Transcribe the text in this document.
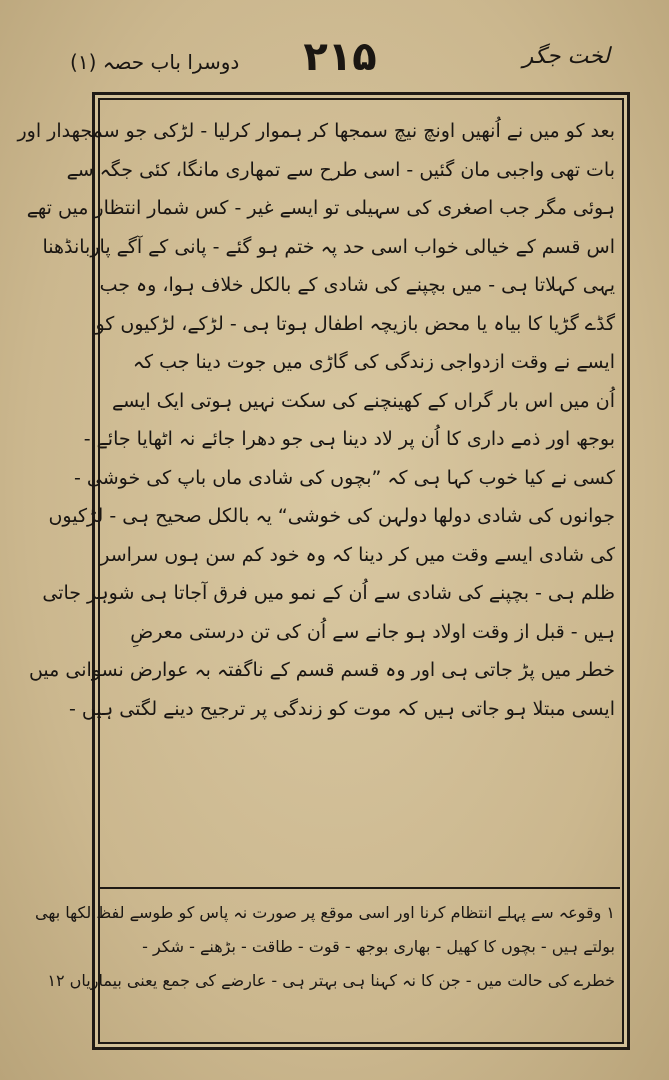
لخت جگر
۲۱۵
دوسرا باب حصہ (۱)
بعد کو میں نے اُنھیں اونچ نیچ سمجھا کر ہموار کرلیا - لڑکی جو سمجھدار اور
بات تھی واجبی مان گئیں - اسی طرح سے تمھاری مانگا، کئی جگہ سے
ہوئی مگر جب اصغری کی سہیلی تو ایسے غیر - کس شمار انتظار میں تھے
اس قسم کے خیالی خواب اسی حد پہ ختم ہو گئے - پانی کے آگے پاربانڈھنا
یہی کہلاتا ہی - میں بچپنے کی شادی کے بالکل خلاف ہوا، وہ جب
گڈے گڑیا کا بیاہ یا محض بازیچہ اطفال ہوتا ہی - لڑکے، لڑکیوں کو
ایسے نے وقت ازدواجی زندگی کی گاڑی میں جوت دینا جب کہ
اُن میں اس بار گراں کے کھینچنے کی سکت نہیں ہوتی ایک ایسے
بوجھ اور ذمے داری کا اُن پر لاد دینا ہی جو دھرا جائے نہ اٹھایا جائے -
کسی نے کیا خوب کہا ہی کہ ”بچوں کی شادی ماں باپ کی خوشی -
جوانوں کی شادی دولھا دولہن کی خوشی“ یہ بالکل صحیح ہی - لڑکیوں
کی شادی ایسے وقت میں کر دینا کہ وہ خود کم سن ہوں سراسر
ظلم ہی - بچپنے کی شادی سے اُن کے نمو میں فرق آجاتا ہی شوہر جاتی
ہیں - قبل از وقت اولاد ہو جانے سے اُن کی تن درستی معرضِ
خطر میں پڑ جاتی ہی اور وہ قسم قسم کے ناگفتہ بہ عوارض نسوانی میں
ایسی مبتلا ہو جاتی ہیں کہ موت کو زندگی پر ترجیح دینے لگتی ہیں -
۱ وقوعہ سے پہلے انتظام کرنا اور اسی موقع پر صورت نہ پاس کو طوسے لفظ لکھا بھی
بولتے ہیں - بچوں کا کھیل - بھاری بوجھ - قوت - طاقت - بڑھنے - شکر -
خطرے کی حالت میں - جن کا نہ کہنا ہی بہتر ہی - عارضے کی جمع یعنی بیماریاں ۱۲
